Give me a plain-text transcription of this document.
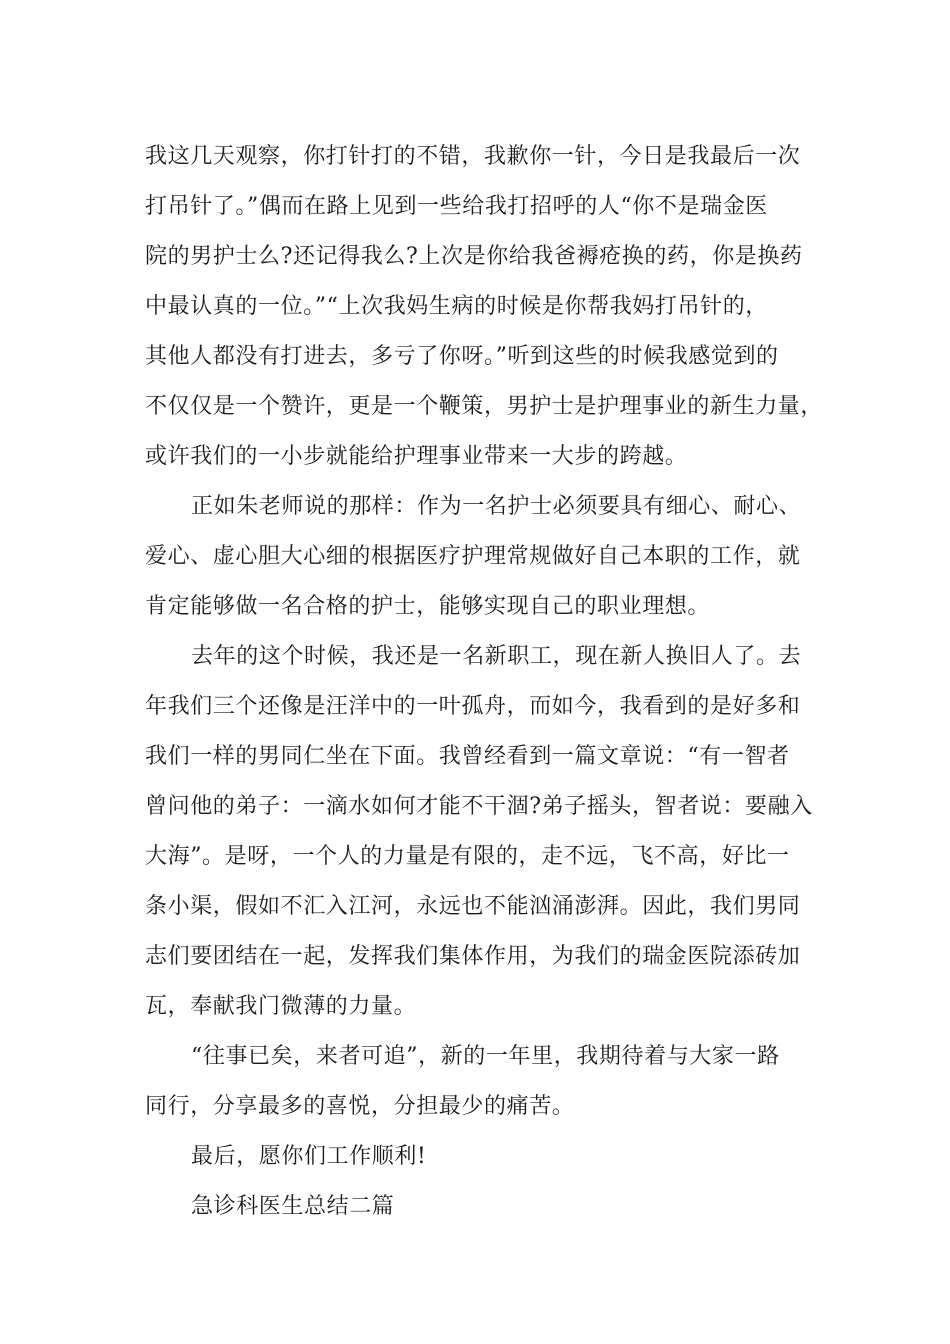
我这几天观察，你打针打的不错，我歉你一针，今日是我最后一次
打吊针了。”偶而在路上见到一些给我打招呼的人“你不是瑞金医
院的男护士么?还记得我么?上次是你给我爸褥疮换的药，你是换药
中最认真的一位。”“上次我妈生病的时候是你帮我妈打吊针的，
其他人都没有打进去，多亏了你呀。”听到这些的时候我感觉到的
不仅仅是一个赞许，更是一个鞭策，男护士是护理事业的新生力量，
或许我们的一小步就能给护理事业带来一大步的跨越。
正如朱老师说的那样：作为一名护士必须要具有细心、耐心、
爱心、虚心胆大心细的根据医疗护理常规做好自己本职的工作，就
肯定能够做一名合格的护士，能够实现自己的职业理想。
去年的这个时候，我还是一名新职工，现在新人换旧人了。去
年我们三个还像是汪洋中的一叶孤舟，而如今，我看到的是好多和
我们一样的男同仁坐在下面。我曾经看到一篇文章说：“有一智者
曾问他的弟子：一滴水如何才能不干涸?弟子摇头，智者说：要融入
大海”。是呀，一个人的力量是有限的，走不远，飞不高，好比一
条小渠，假如不汇入江河，永远也不能汹涌澎湃。因此，我们男同
志们要团结在一起，发挥我们集体作用，为我们的瑞金医院添砖加
瓦，奉献我门微薄的力量。
“往事已矣，来者可追”，新的一年里，我期待着与大家一路
同行，分享最多的喜悦，分担最少的痛苦。
最后，愿你们工作顺利!
急诊科医生总结二篇
